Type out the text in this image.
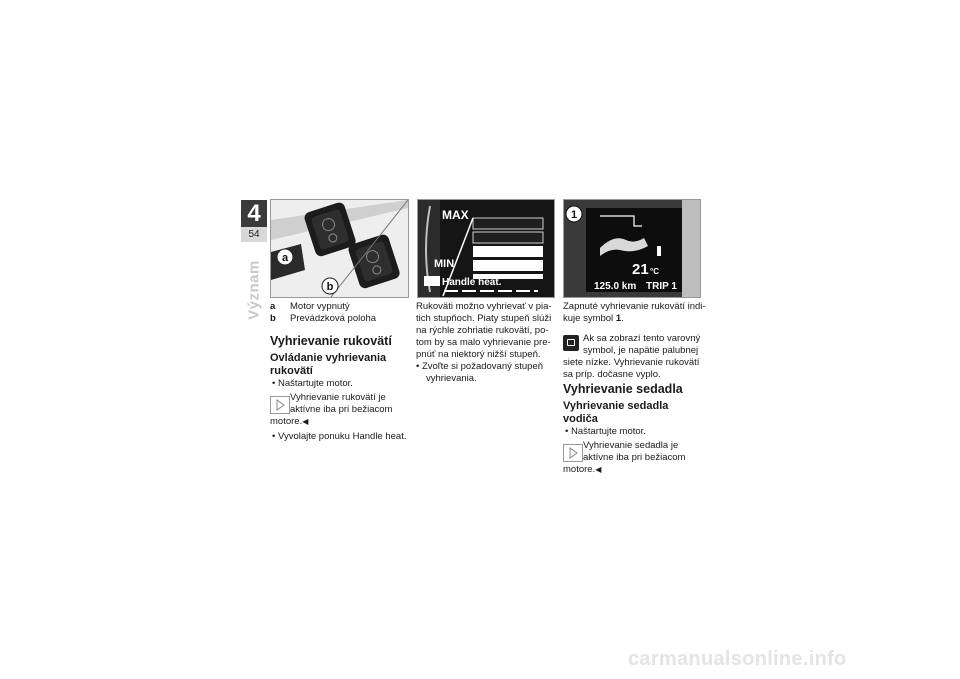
4
54
Význam
a
b
MAX
MIN
Handle heat.
1
21 °C
125.0 km TRIP 1
a	Motor vypnutý
b	Prevádzková poloha
Vyhrievanie rukovätí
Ovládanie vyhrievania rukovätí
• Naštartujte motor.
Vyhrievanie rukovätí je
aktívne iba pri bežiacom
motore.◀
• Vyvolajte ponuku Handle heat.
Rukoväti možno vyhrievať v pia-
tich stupňoch. Piaty stupeň slúži
na rýchle zohriatie rukovätí, po-
tom by sa malo vyhrievanie pre-
pnúť na niektorý nižší stupeň.
• Zvoľte si požadovaný stupeň
vyhrievania.
Zapnuté vyhrievanie rukovätí indi-
kuje symbol 1.
Ak sa zobrazí tento varovný
symbol, je napätie palubnej
siete nízke. Vyhrievanie rukovätí
sa príp. dočasne vyplo.
Vyhrievanie sedadla
Vyhrievanie sedadla vodiča
• Naštartujte motor.
Vyhrievanie sedadla je
aktívne iba pri bežiacom
motore.◀
carmanualsonline.info
